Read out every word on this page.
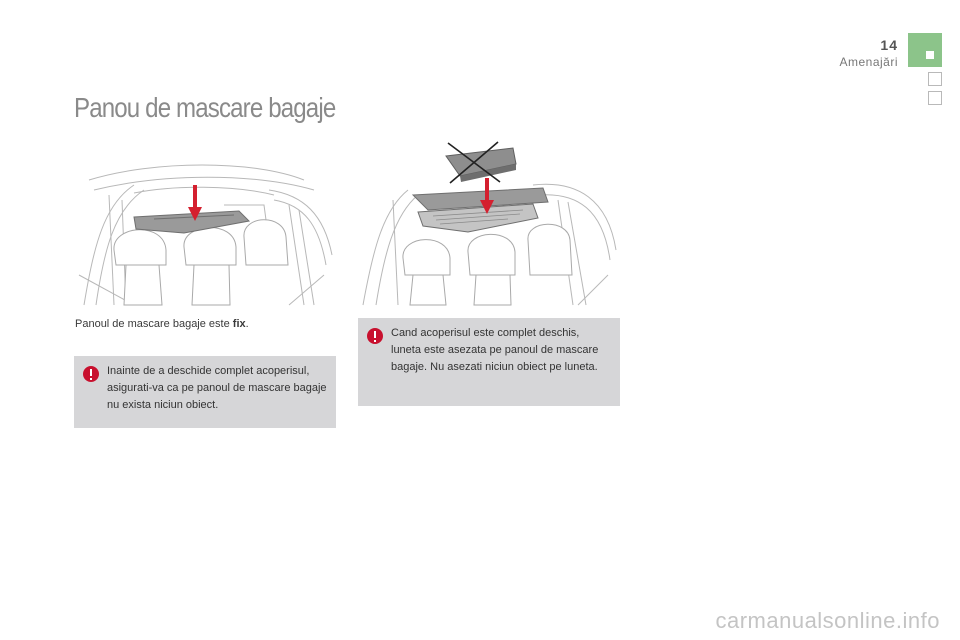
14
Amenajări
Panou de mascare bagaje
Panoul de mascare bagaje este fix.
Inainte de a deschide complet acoperisul, asigurati-va ca pe panoul de mascare bagaje nu exista niciun obiect.
Cand acoperisul este complet deschis, luneta este asezata pe panoul de mascare bagaje. Nu asezati niciun obiect pe luneta.
carmanualsonline.info
